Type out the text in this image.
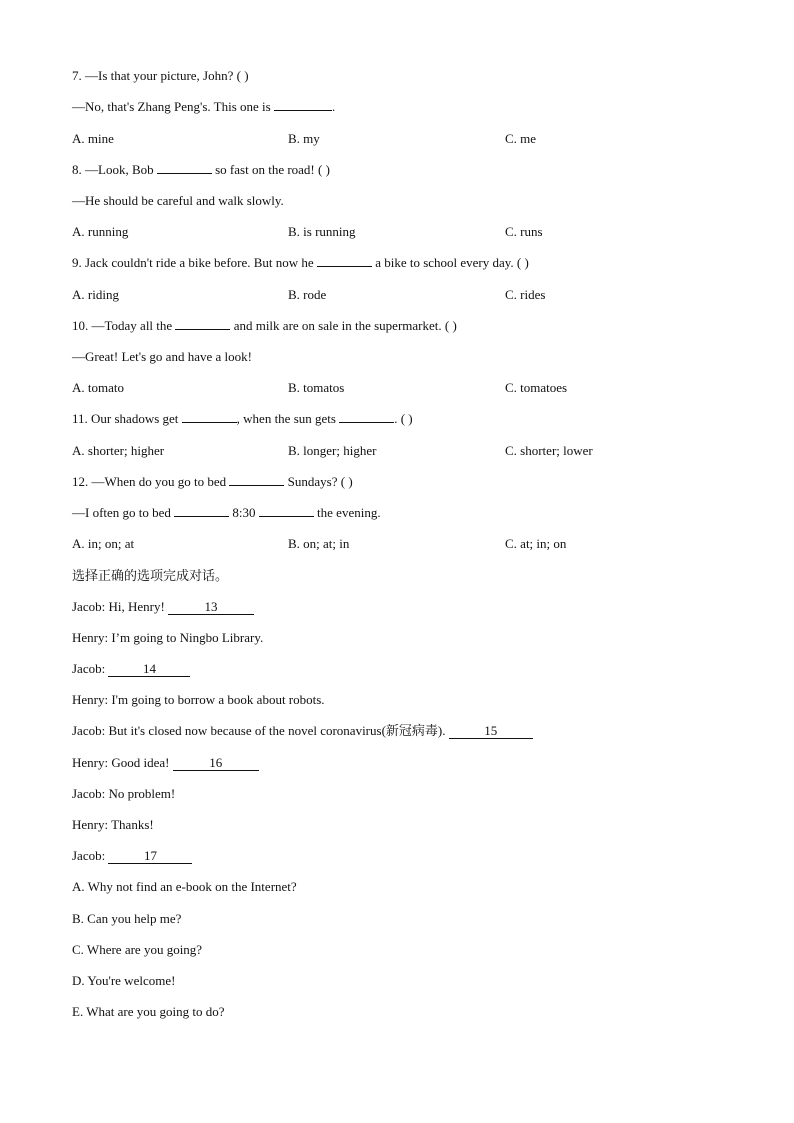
7. —Is that your picture, John? ( )
—No, that's Zhang Peng's. This one is	.
A. mine	B. my	C. me
8. —Look, Bob	so fast on the road! ( )
—He should be careful and walk slowly.
A. running	B. is running	C. runs
9. Jack couldn't ride a bike before. But now he	a bike to school every day. ( )
A. riding	B. rode	C. rides
10. —Today all the	and milk are on sale in the supermarket. ( )
—Great! Let's go and have a look!
A. tomato	B. tomatos	C. tomatoes
11. Our shadows get	, when the sun gets	. ( )
A. shorter; higher	B. longer; higher	C. shorter; lower
12. —When do you go to bed	Sundays? ( )
—I often go to bed	8:30	the evening.
A. in; on; at	B. on; at; in	C. at; in; on
选择正确的选项完成对话。
Jacob: Hi, Henry!	13
Henry: I’m going to Ningbo Library.
Jacob:	14
Henry: I'm going to borrow a book about robots.
Jacob: But it's closed now because of the novel coronavirus(新冠病毒).	15
Henry: Good idea!	16
Jacob: No problem!
Henry: Thanks!
Jacob:	17
A. Why not find an e-book on the Internet?
B. Can you help me?
C. Where are you going?
D. You're welcome!
E. What are you going to do?
